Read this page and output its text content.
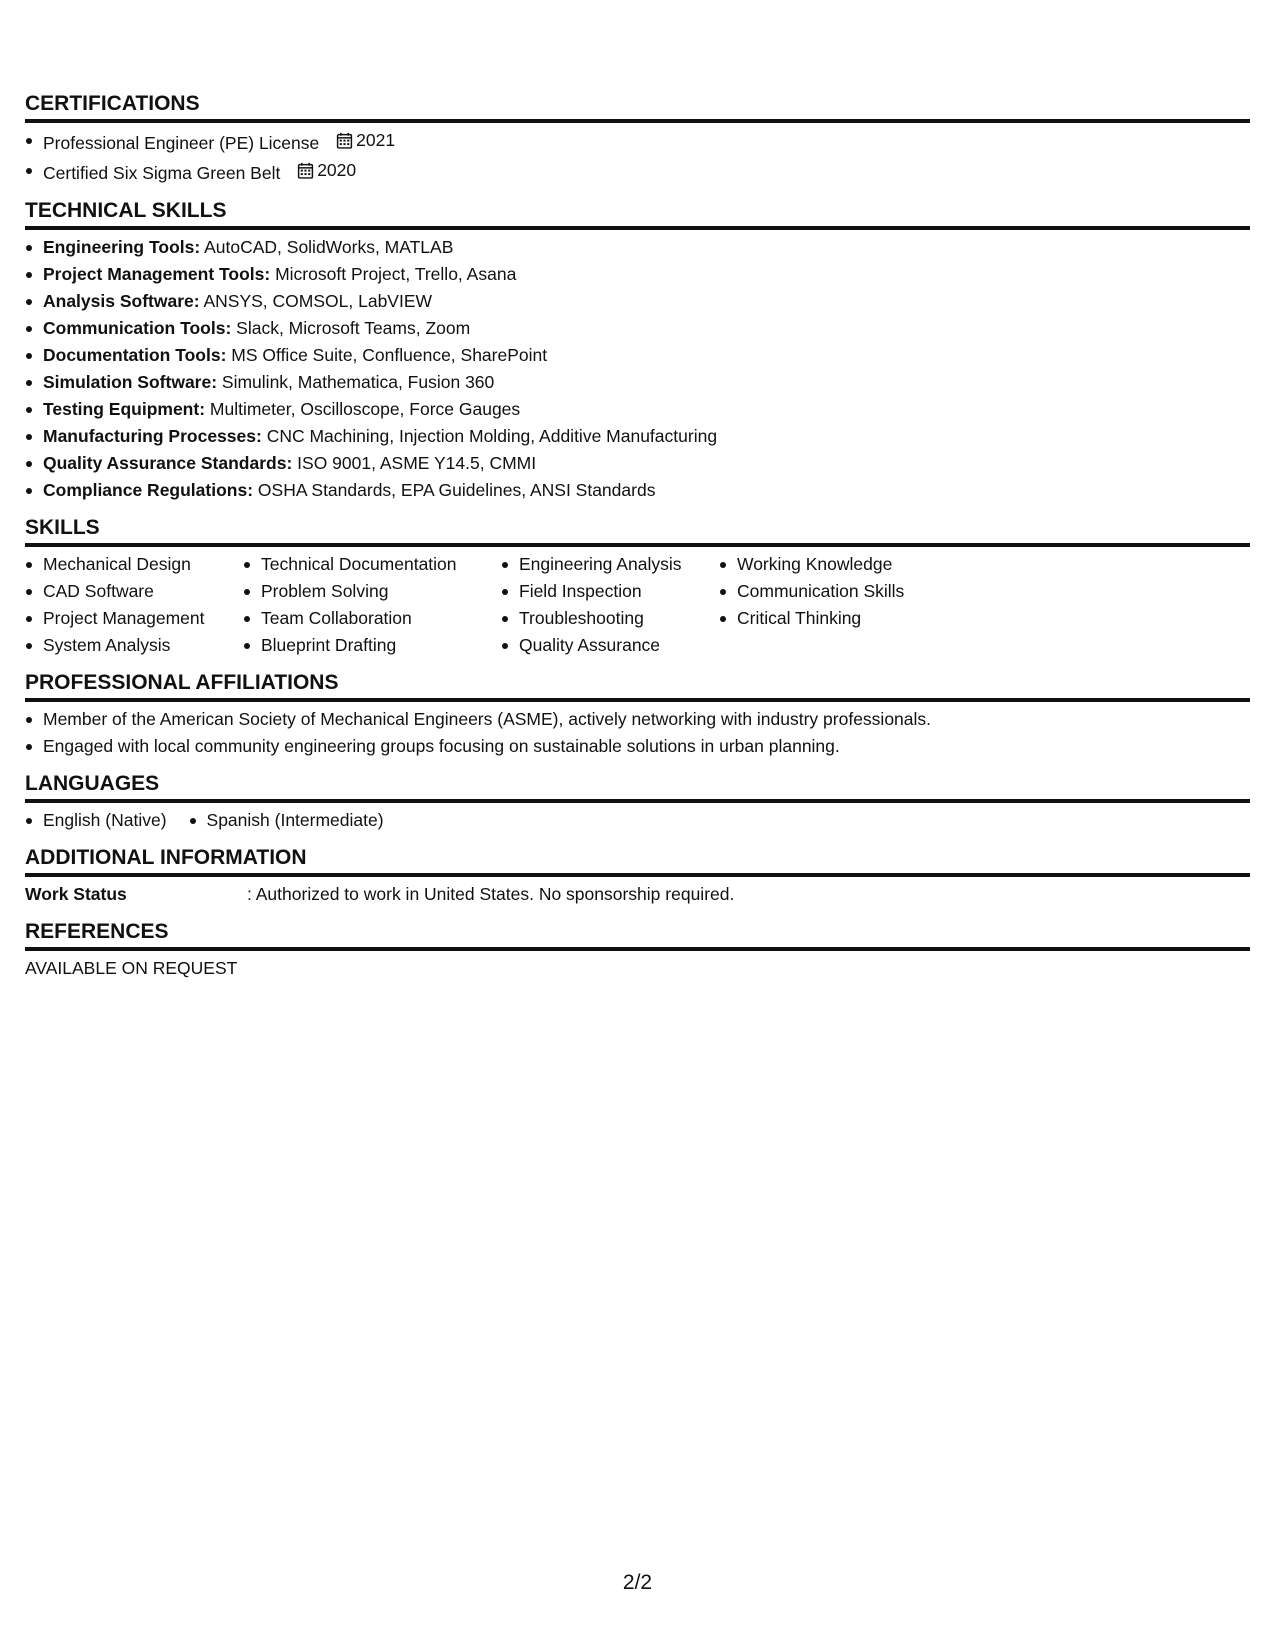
CERTIFICATIONS
Professional Engineer (PE) License 2021
Certified Six Sigma Green Belt 2020
TECHNICAL SKILLS
Engineering Tools: AutoCAD, SolidWorks, MATLAB
Project Management Tools: Microsoft Project, Trello, Asana
Analysis Software: ANSYS, COMSOL, LabVIEW
Communication Tools: Slack, Microsoft Teams, Zoom
Documentation Tools: MS Office Suite, Confluence, SharePoint
Simulation Software: Simulink, Mathematica, Fusion 360
Testing Equipment: Multimeter, Oscilloscope, Force Gauges
Manufacturing Processes: CNC Machining, Injection Molding, Additive Manufacturing
Quality Assurance Standards: ISO 9001, ASME Y14.5, CMMI
Compliance Regulations: OSHA Standards, EPA Guidelines, ANSI Standards
SKILLS
Mechanical Design
CAD Software
Project Management
System Analysis
Technical Documentation
Problem Solving
Team Collaboration
Blueprint Drafting
Engineering Analysis
Field Inspection
Troubleshooting
Quality Assurance
Working Knowledge
Communication Skills
Critical Thinking
PROFESSIONAL AFFILIATIONS
Member of the American Society of Mechanical Engineers (ASME), actively networking with industry professionals.
Engaged with local community engineering groups focusing on sustainable solutions in urban planning.
LANGUAGES
English (Native)	Spanish (Intermediate)
ADDITIONAL INFORMATION
Work Status	: Authorized to work in United States. No sponsorship required.
REFERENCES
AVAILABLE ON REQUEST
2/2
